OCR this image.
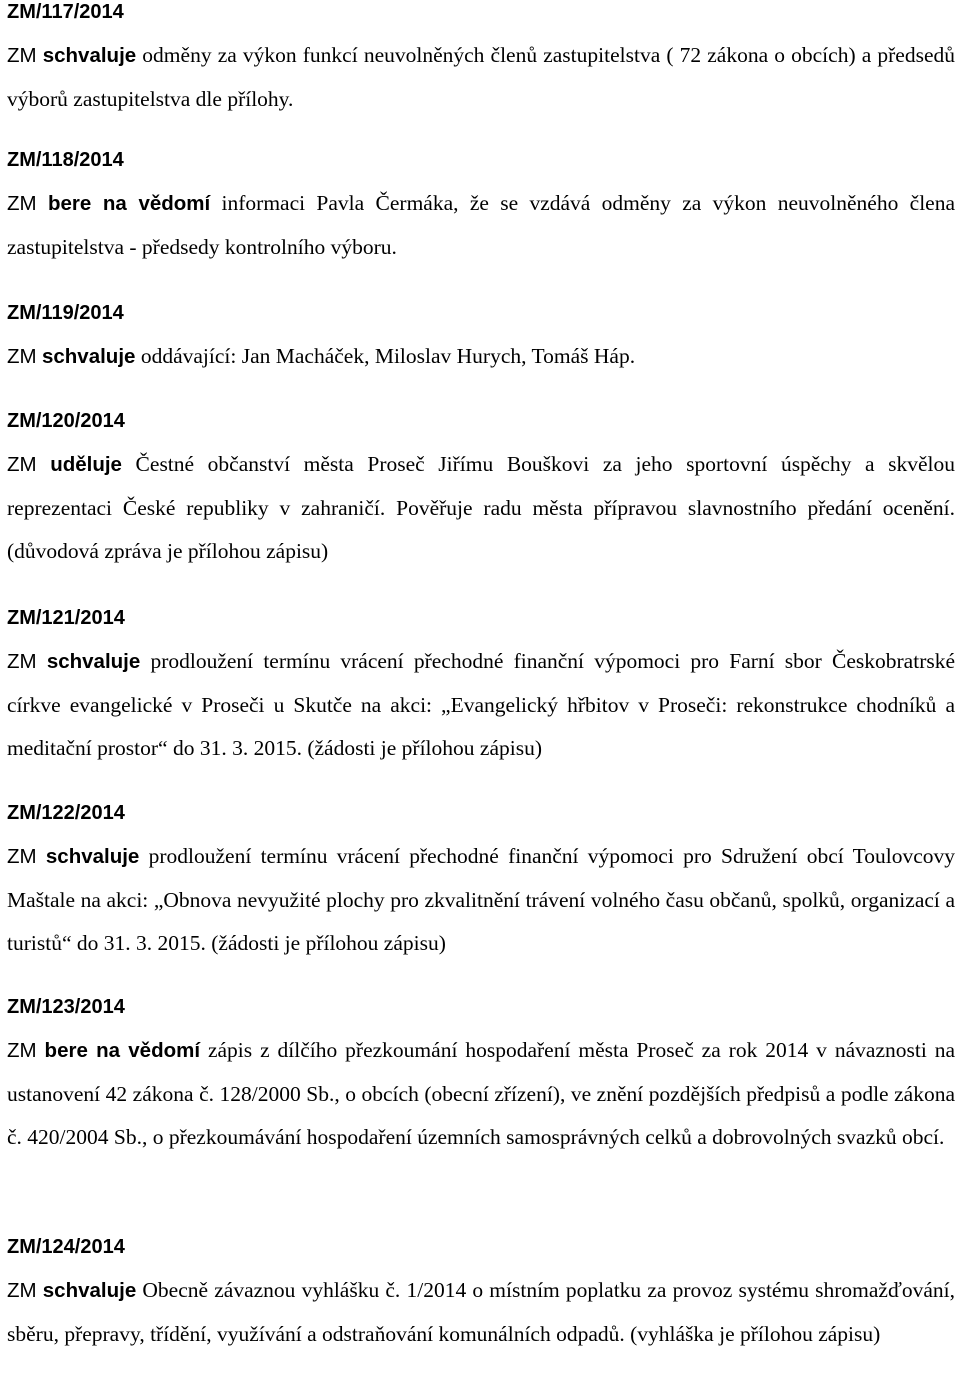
ZM/117/2014
ZM schvaluje odměny za výkon funkcí neuvolněných členů zastupitelstva ( 72 zákona o obcích) a předsedů výborů zastupitelstva dle přílohy.
ZM/118/2014
ZM bere na vědomí informaci Pavla Čermáka, že se vzdává odměny za výkon neuvolněného člena zastupitelstva - předsedy kontrolního výboru.
ZM/119/2014
ZM schvaluje oddávající: Jan Macháček, Miloslav Hurych, Tomáš Háp.
ZM/120/2014
ZM uděluje Čestné občanství města Proseč Jiřímu Bouškovi za jeho sportovní úspěchy a skvělou reprezentaci České republiky v zahraničí. Pověřuje radu města přípravou slavnostního předání ocenění. (důvodová zpráva je přílohou zápisu)
ZM/121/2014
ZM schvaluje prodloužení termínu vrácení přechodné finanční výpomoci pro Farní sbor Českobratrské církve evangelické v Proseči u Skutče na akci: „Evangelický hřbitov v Proseči: rekonstrukce chodníků a meditační prostor“ do 31. 3. 2015. (žádosti je přílohou zápisu)
ZM/122/2014
ZM schvaluje prodloužení termínu vrácení přechodné finanční výpomoci pro Sdružení obcí Toulovcovy Maštale na akci: „Obnova nevyužité plochy pro zkvalitnění trávení volného času občanů, spolků, organizací a turistů“ do 31. 3. 2015. (žádosti je přílohou zápisu)
ZM/123/2014
ZM bere na vědomí zápis z dílčího přezkoumání hospodaření města Proseč za rok 2014 v návaznosti na ustanovení 42 zákona č. 128/2000 Sb., o obcích (obecní zřízení), ve znění pozdějších předpisů a podle zákona č. 420/2004 Sb., o přezkoumávání hospodaření územních samosprávných celků a dobrovolných svazků obcí.
ZM/124/2014
ZM schvaluje Obecně závaznou vyhlášku č. 1/2014 o místním poplatku za provoz systému shromažďování, sběru, přepravy, třídění, využívání a odstraňování komunálních odpadů. (vyhláška je přílohou zápisu)
